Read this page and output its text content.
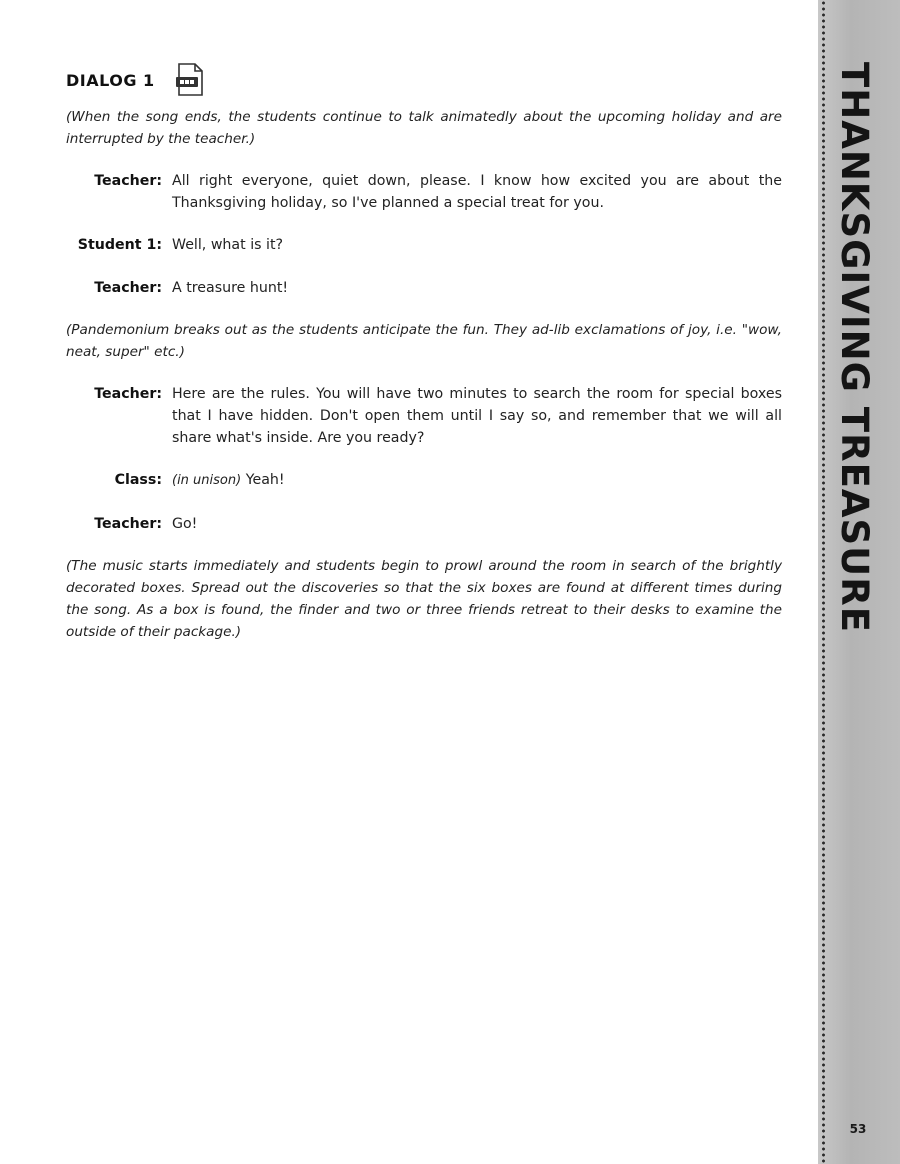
THANKSGIVING TREASURE
53
DIALOG 1

(When the song ends, the students continue to talk animatedly about the upcoming holiday and are interrupted by the teacher.)

Teacher: All right everyone, quiet down, please. I know how excited you are about the Thanksgiving holiday, so I've planned a special treat for you.
Student 1: Well, what is it?
Teacher: A treasure hunt!

(Pandemonium breaks out as the students anticipate the fun. They ad-lib exclamations of joy, i.e. "wow, neat, super" etc.)

Teacher: Here are the rules. You will have two minutes to search the room for special boxes that I have hidden. Don't open them until I say so, and remember that we will all share what's inside. Are you ready?
Class: (in unison) Yeah!
Teacher: Go!

(The music starts immediately and students begin to prowl around the room in search of the brightly decorated boxes. Spread out the discoveries so that the six boxes are found at different times during the song. As a box is found, the finder and two or three friends retreat to their desks to examine the outside of their package.)
